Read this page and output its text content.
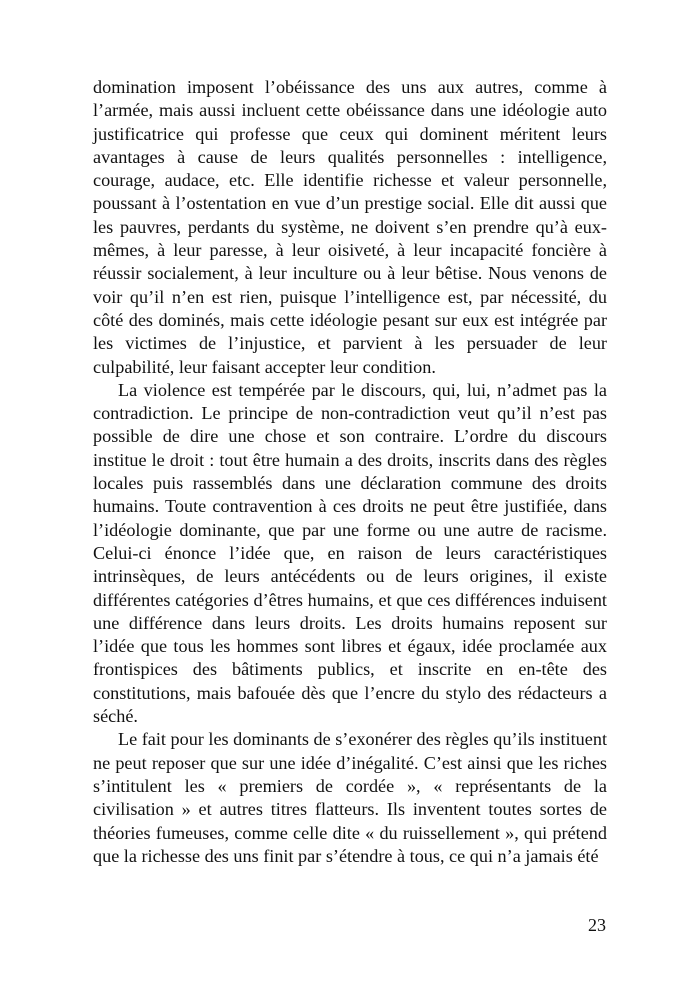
domination imposent l’obéissance des uns aux autres, comme à l’armée, mais aussi incluent cette obéissance dans une idéologie auto justificatrice qui professe que ceux qui dominent méritent leurs avantages à cause de leurs qualités personnelles : intelligence, courage, audace, etc. Elle identifie richesse et valeur personnelle, poussant à l’ostentation en vue d’un prestige social. Elle dit aussi que les pauvres, perdants du système, ne doivent s’en prendre qu’à eux-mêmes, à leur paresse, à leur oisiveté, à leur incapacité foncière à réussir socialement, à leur inculture ou à leur bêtise. Nous venons de voir qu’il n’en est rien, puisque l’intelligence est, par nécessité, du côté des dominés, mais cette idéologie pesant sur eux est intégrée par les victimes de l’injustice, et parvient à les persuader de leur culpabilité, leur faisant accepter leur condition.

La violence est tempérée par le discours, qui, lui, n’admet pas la contradiction. Le principe de non-contradiction veut qu’il n’est pas possible de dire une chose et son contraire. L’ordre du discours institue le droit : tout être humain a des droits, inscrits dans des règles locales puis rassemblés dans une déclaration commune des droits humains. Toute contravention à ces droits ne peut être justifiée, dans l’idéologie dominante, que par une forme ou une autre de racisme. Celui-ci énonce l’idée que, en raison de leurs caractéristiques intrinsèques, de leurs antécédents ou de leurs origines, il existe différentes catégories d’êtres humains, et que ces différences induisent une différence dans leurs droits. Les droits humains reposent sur l’idée que tous les hommes sont libres et égaux, idée proclamée aux frontispices des bâtiments publics, et inscrite en en-tête des constitutions, mais bafouée dès que l’encre du stylo des rédacteurs a séché.

Le fait pour les dominants de s’exonérer des règles qu’ils instituent ne peut reposer que sur une idée d’inégalité. C’est ainsi que les riches s’intitulent les « premiers de cordée », « représentants de la civilisation » et autres titres flatteurs. Ils inventent toutes sortes de théories fumeuses, comme celle dite « du ruissellement », qui prétend que la richesse des uns finit par s’étendre à tous, ce qui n’a jamais été

23
